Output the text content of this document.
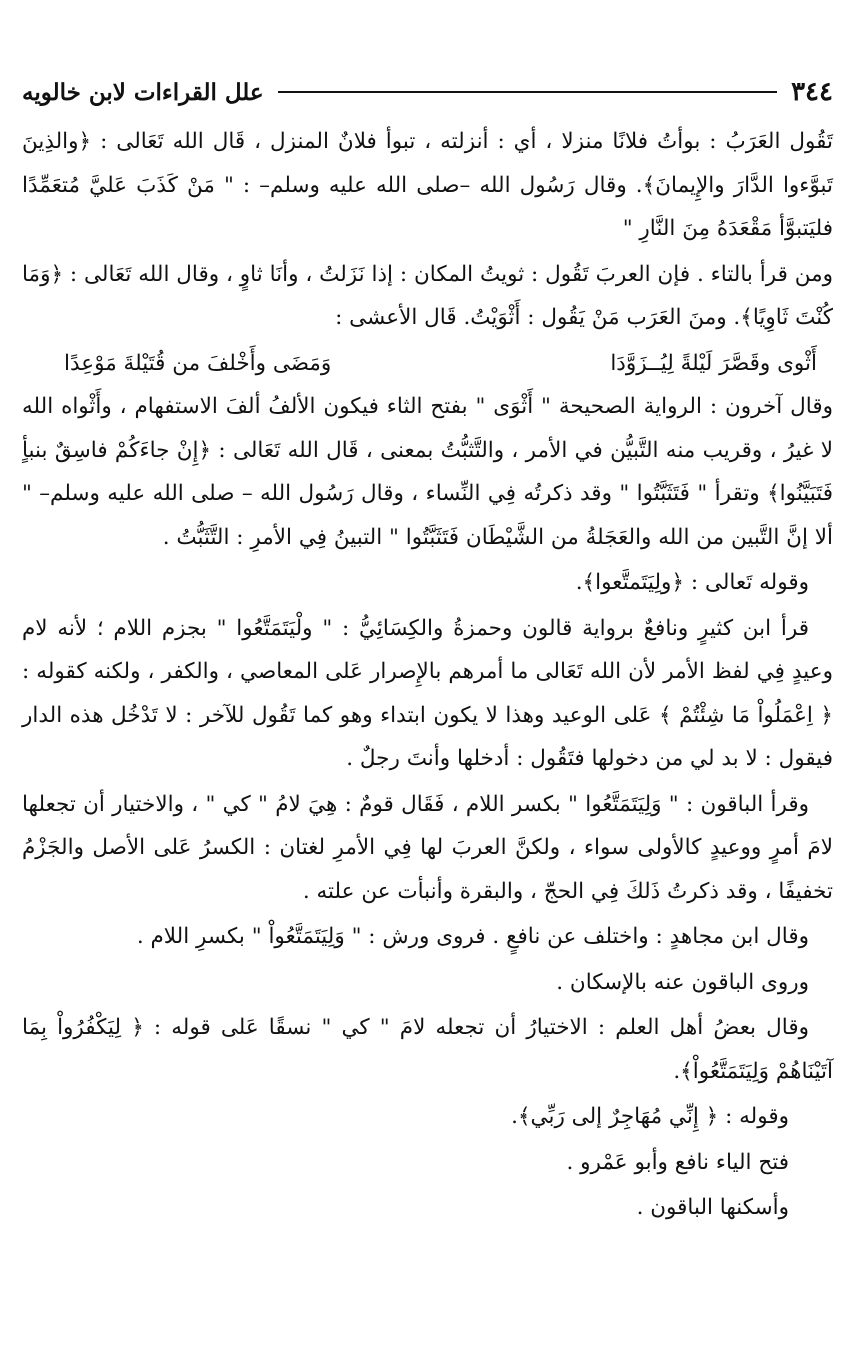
٣٤٤
علل القراءات لابن خالويه

تَقُول العَرَبُ : بوأتُ فلانًا منزلا ، أي : أنزلته ، تبوأ فلانٌ المنزل ، قَال الله تَعَالى : ﴿والذِينَ تَبوَّءوا الدَّارَ والإِيمانَ﴾. وقال رَسُول الله –صلى الله عليه وسلم– : " مَنْ كَذَبَ عَليَّ مُتعَمِّدًا فليَتبوَّأ مَقْعَدَهُ مِنَ النَّارِ "

ومن قرأ بالتاء . فإن العربَ تَقُول : ثويتُ المكان : إذا نَزَلتُ ، وأنَا ثاوٍ ، وقال الله تَعَالى : ﴿وَمَا كُنْتَ ثَاوِيًا﴾. ومنَ العَرَب مَنْ يَقُول : أَثْوَيْتُ. قَال الأعشى :

أَثْوى وقَصَّرَ لَيْلةً لِيُــزَوَّدَا
وَمَضَى وأَخْلفَ من قُتَيْلةَ مَوْعِدًا

وقال آخرون : الرواية الصحيحة " أَثْوَى " بفتح الثاء فيكون الألفُ ألفَ الاستفهام ، وأَثْواه الله لا غيرُ ، وقريب منه التَّبيُّن في الأمر ، والتَّثبُّتُ بمعنى ، قَال الله تَعَالى : ﴿إِنْ جاءَكُمْ فاسِقٌ بنبأٍ فَتَبَيَّنُوا﴾ وتقرأ " فَتَثَبَّتُوا " وقد ذكرتُه فِي النِّساء ، وقال رَسُول الله – صلى الله عليه وسلم– " ألا إنَّ التَّبين من الله والعَجَلةُ من الشَّيْطَان فَتَثَبَّتُوا " التبينُ فِي الأمرِ : التَّثَبُّتُ .

وقوله تَعالى : ﴿ولِيَتَمتَّعوا﴾.

قرأ ابن كثيرٍ ونافعٌ برواية قالون وحمزةُ والكِسَائِيُّ : " ولْيَتَمَتَّعُوا " بجزم اللام ؛ لأنه لام وعيدٍ فِي لفظ الأمر لأن الله تَعَالى ما أمرهم بالإِصرار عَلى المعاصي ، والكفر ، ولكنه كقوله : ﴿ اِعْمَلُواْ مَا شِئْتُمْ ﴾ عَلى الوعيد وهذا لا يكون ابتداء وهو كما تَقُول للآخر : لا تَدْخُل هذه الدار فيقول : لا بد لي من دخولها فتَقُول : أدخلها وأنتَ رجلٌ .

وقرأ الباقون : " وَلِيَتَمَتَّعُوا " بكسر اللام ، فَقَال قومٌ : هِيَ لامُ " كي " ، والاختيار أن تجعلها لامَ أمرٍ ووعيدٍ كالأولى سواء ، ولكنَّ العربَ لها فِي الأمرِ لغتان : الكسرُ عَلى الأصل والجَزْمُ تخفيفًا ، وقد ذكرتُ ذَلكَ فِي الحجّ ، والبقرة وأنبأت عن علته .

وقال ابن مجاهدٍ : واختلف عن نافعٍ . فروى ورش : " وَلِيَتَمَتَّعُواْ " بكسرِ اللام .

وروى الباقون عنه بالإسكان .

وقال بعضُ أهل العلم : الاختيارُ أن تجعله لامَ " كي " نسقًا عَلى قوله : ﴿ لِيَكْفُرُواْ بِمَا آتَيْنَاهُمْ وَلِيَتَمَتَّعُواْ﴾.

وقوله : ﴿ إِنِّي مُهَاجِرٌ إلى رَبِّي﴾.

فتح الياء نافع وأبو عَمْرو .

وأسكنها الباقون .
